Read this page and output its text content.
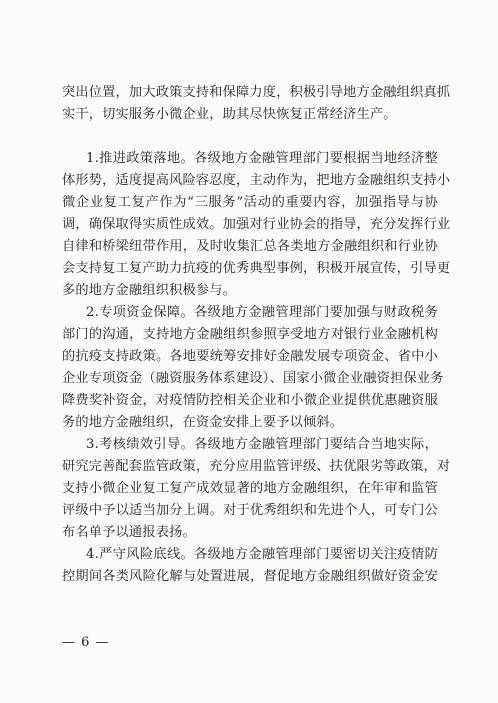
突出位置，加大政策支持和保障力度，积极引导地方金融组织真抓
实干，切实服务小微企业，助其尽快恢复正常经济生产。
1.推进政策落地。各级地方金融管理部门要根据当地经济整
体形势，适度提高风险容忍度，主动作为，把地方金融组织支持小
微企业复工复产作为“三服务”活动的重要内容，加强指导与协
调，确保取得实质性成效。加强对行业协会的指导，充分发挥行业
自律和桥梁纽带作用，及时收集汇总各类地方金融组织和行业协
会支持复工复产助力抗疫的优秀典型事例，积极开展宣传，引导更
多的地方金融组织积极参与。
2.专项资金保障。各级地方金融管理部门要加强与财政税务
部门的沟通，支持地方金融组织参照享受地方对银行业金融机构
的抗疫支持政策。各地要统筹安排好金融发展专项资金、省中小
企业专项资金（融资服务体系建设）、国家小微企业融资担保业务
降费奖补资金，对疫情防控相关企业和小微企业提供优惠融资服
务的地方金融组织，在资金安排上要予以倾斜。
3.考核绩效引导。各级地方金融管理部门要结合当地实际，
研究完善配套监管政策，充分应用监管评级、扶优限劣等政策，对
支持小微企业复工复产成效显著的地方金融组织，在年审和监管
评级中予以适当加分上调。对于优秀组织和先进个人，可专门公
布名单予以通报表扬。
4.严守风险底线。各级地方金融管理部门要密切关注疫情防
控期间各类风险化解与处置进展，督促地方金融组织做好资金安
— 6 —
